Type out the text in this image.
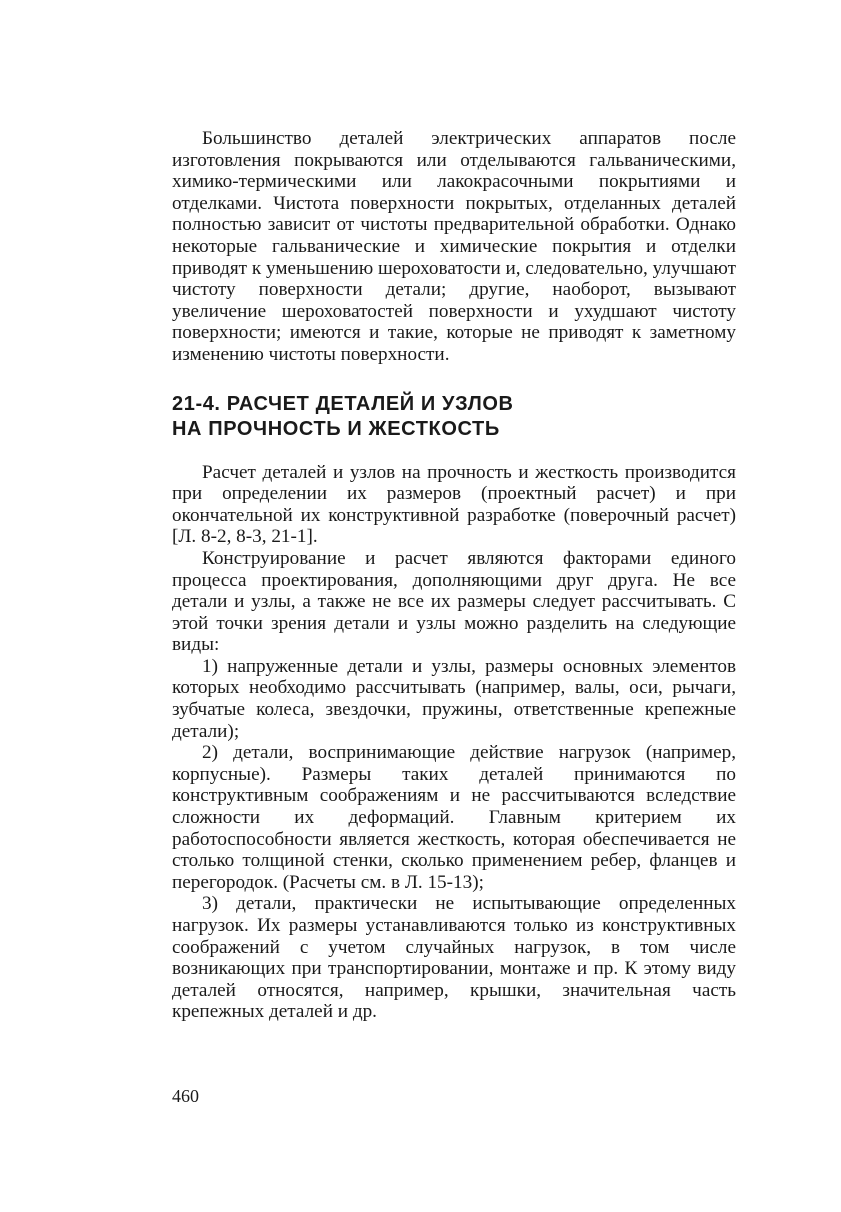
Большинство деталей электрических аппаратов после изготовления покрываются или отделываются гальваническими, химико-термическими или лакокрасочными покрытиями и отделками. Чистота поверхности покрытых, отделанных деталей полностью зависит от чистоты предварительной обработки. Однако некоторые гальванические и химические покрытия и отделки приводят к уменьшению шероховатости и, следовательно, улучшают чистоту поверхности детали; другие, наоборот, вызывают увеличение шероховатостей поверхности и ухудшают чистоту поверхности; имеются и такие, которые не приводят к заметному изменению чистоты поверхности.

21-4. РАСЧЕТ ДЕТАЛЕЙ И УЗЛОВ
НА ПРОЧНОСТЬ И ЖЕСТКОСТЬ

Расчет деталей и узлов на прочность и жесткость производится при определении их размеров (проектный расчет) и при окончательной их конструктивной разработке (поверочный расчет) [Л. 8-2, 8-3, 21-1].

Конструирование и расчет являются факторами единого процесса проектирования, дополняющими друг друга. Не все детали и узлы, а также не все их размеры следует рассчитывать. С этой точки зрения детали и узлы можно разделить на следующие виды:

1) напруженные детали и узлы, размеры основных элементов которых необходимо рассчитывать (например, валы, оси, рычаги, зубчатые колеса, звездочки, пружины, ответственные крепежные детали);

2) детали, воспринимающие действие нагрузок (например, корпусные). Размеры таких деталей принимаются по конструктивным соображениям и не рассчитываются вследствие сложности их деформаций. Главным критерием их работоспособности является жесткость, которая обеспечивается не столько толщиной стенки, сколько применением ребер, фланцев и перегородок. (Расчеты см. в Л. 15-13);

3) детали, практически не испытывающие определенных нагрузок. Их размеры устанавливаются только из конструктивных соображений с учетом случайных нагрузок, в том числе возникающих при транспортировании, монтаже и пр. К этому виду деталей относятся, например, крышки, значительная часть крепежных деталей и др.

460
